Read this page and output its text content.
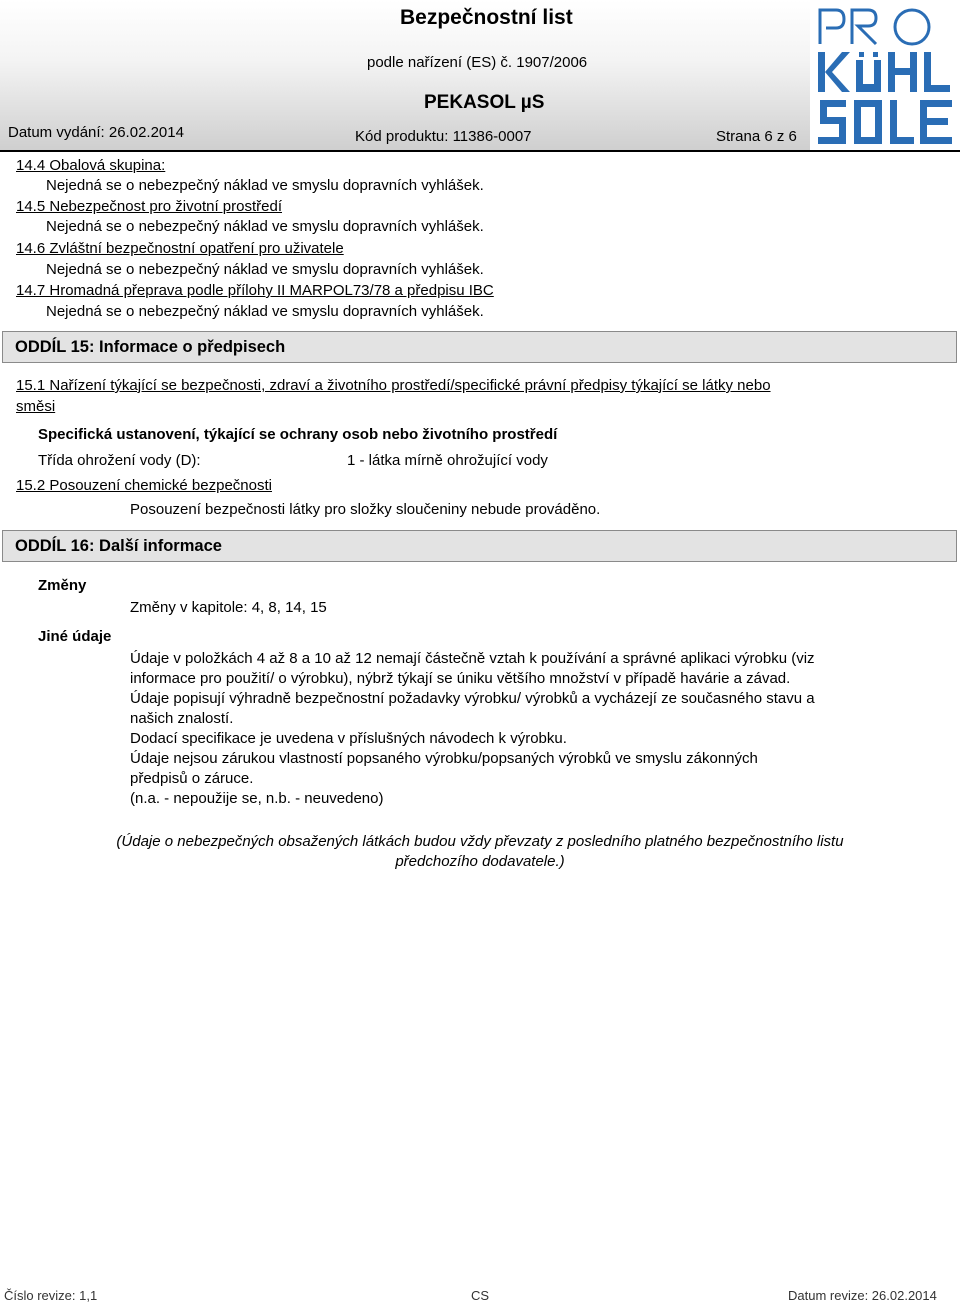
Bezpečnostní list
podle nařízení (ES) č. 1907/2006
PEKASOL µS
Datum vydání: 26.02.2014	Kód produktu: 11386-0007	Strana 6 z 6
14.4 Obalová skupina:
Nejedná se o nebezpečný náklad ve smyslu dopravních vyhlášek.
14.5 Nebezpečnost pro životní prostředí
Nejedná se o nebezpečný náklad ve smyslu dopravních vyhlášek.
14.6 Zvláštní bezpečnostní opatření pro uživatele
Nejedná se o nebezpečný náklad ve smyslu dopravních vyhlášek.
14.7 Hromadná přeprava podle přílohy II MARPOL73/78 a předpisu IBC
Nejedná se o nebezpečný náklad ve smyslu dopravních vyhlášek.
ODDÍL 15: Informace o předpisech
15.1 Nařízení týkající se bezpečnosti, zdraví a životního prostředí/specifické právní předpisy týkající se látky nebo
směsi
Specifická ustanovení, týkající se ochrany osob nebo životního prostředí
Třída ohrožení vody (D):	1 - látka mírně ohrožující vody
15.2 Posouzení chemické bezpečnosti
Posouzení bezpečnosti látky pro složky sloučeniny nebude prováděno.
ODDÍL 16: Další informace
Změny
Změny v kapitole: 4, 8, 14, 15
Jiné údaje
Údaje v položkách 4 až 8 a 10 až 12 nemají částečně vztah k používání a správné aplikaci výrobku (viz
informace pro použití/ o výrobku), nýbrž týkají se úniku většího množství v případě havárie a závad.
Údaje popisují výhradně bezpečnostní požadavky výrobku/ výrobků a vycházejí ze současného stavu a
našich znalostí.
Dodací specifikace je uvedena v příslušných návodech k výrobku.
Údaje nejsou zárukou vlastností popsaného výrobku/popsaných výrobků ve smyslu zákonných
předpisů o záruce.
(n.a. - nepoužije se, n.b. - neuvedeno)
(Údaje o nebezpečných obsažených látkách budou vždy převzaty z posledního platného bezpečnostního listu
předchozího dodavatele.)
Číslo revize: 1,1	CS	Datum revize: 26.02.2014
